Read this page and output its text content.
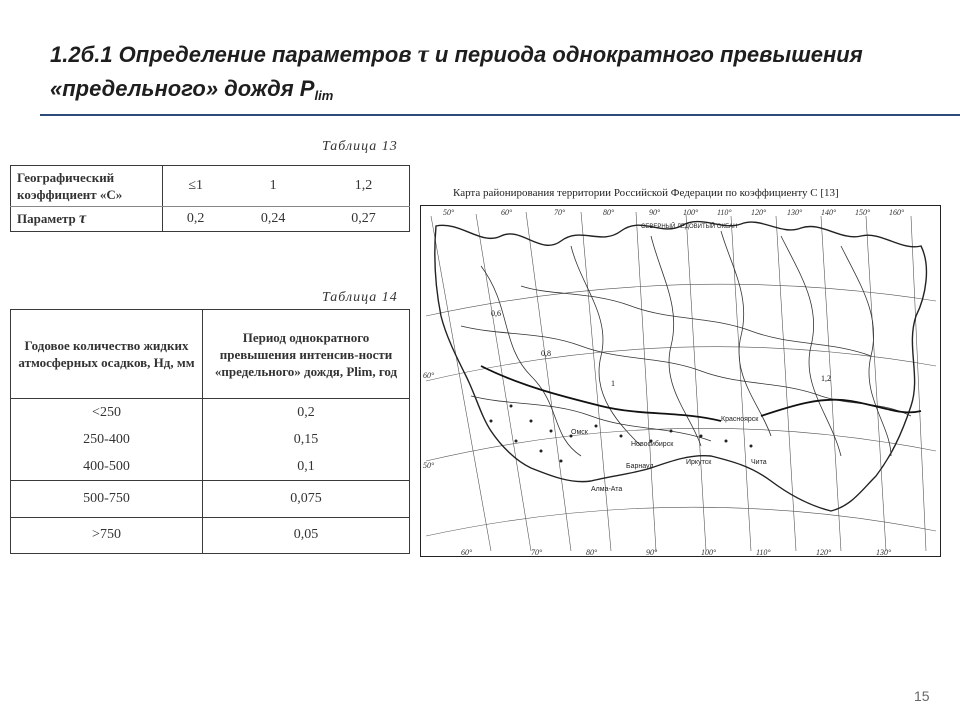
1.2б.1 Определение параметров τ и периода однократного превышения «предельного» дождя $P_{lim}$
Таблица 13
Географический коэффициент «С»	≤1	1	1,2
Параметр τ	0,2	0,24	0,27
Таблица 14
Годовое количество жидких атмосферных осадков, Hд, мм	Период однократного превышения интенсив-ности «предельного» дождя, Plim, год
<250	0,2
250-400	0,15
400-500	0,1
500-750	0,075
>750	0,05
Карта районирования территории Российской Федерации по коэффициенту С [13]
50°	60°	70°	80°	90°	100° 110° 120°	130° 140° 150° 160°
60°	70°	80°	90°	100°	110°	120°	130°
60°
50°
СЕВЕРНЫЙ ЛЕДОВИТЫЙ ОКЕАН
Красноярск
Новосибирск
Иркутск
Омск
Барнаул
Алма-Ата
Чита
1,2
1
0,8
0,6
15
